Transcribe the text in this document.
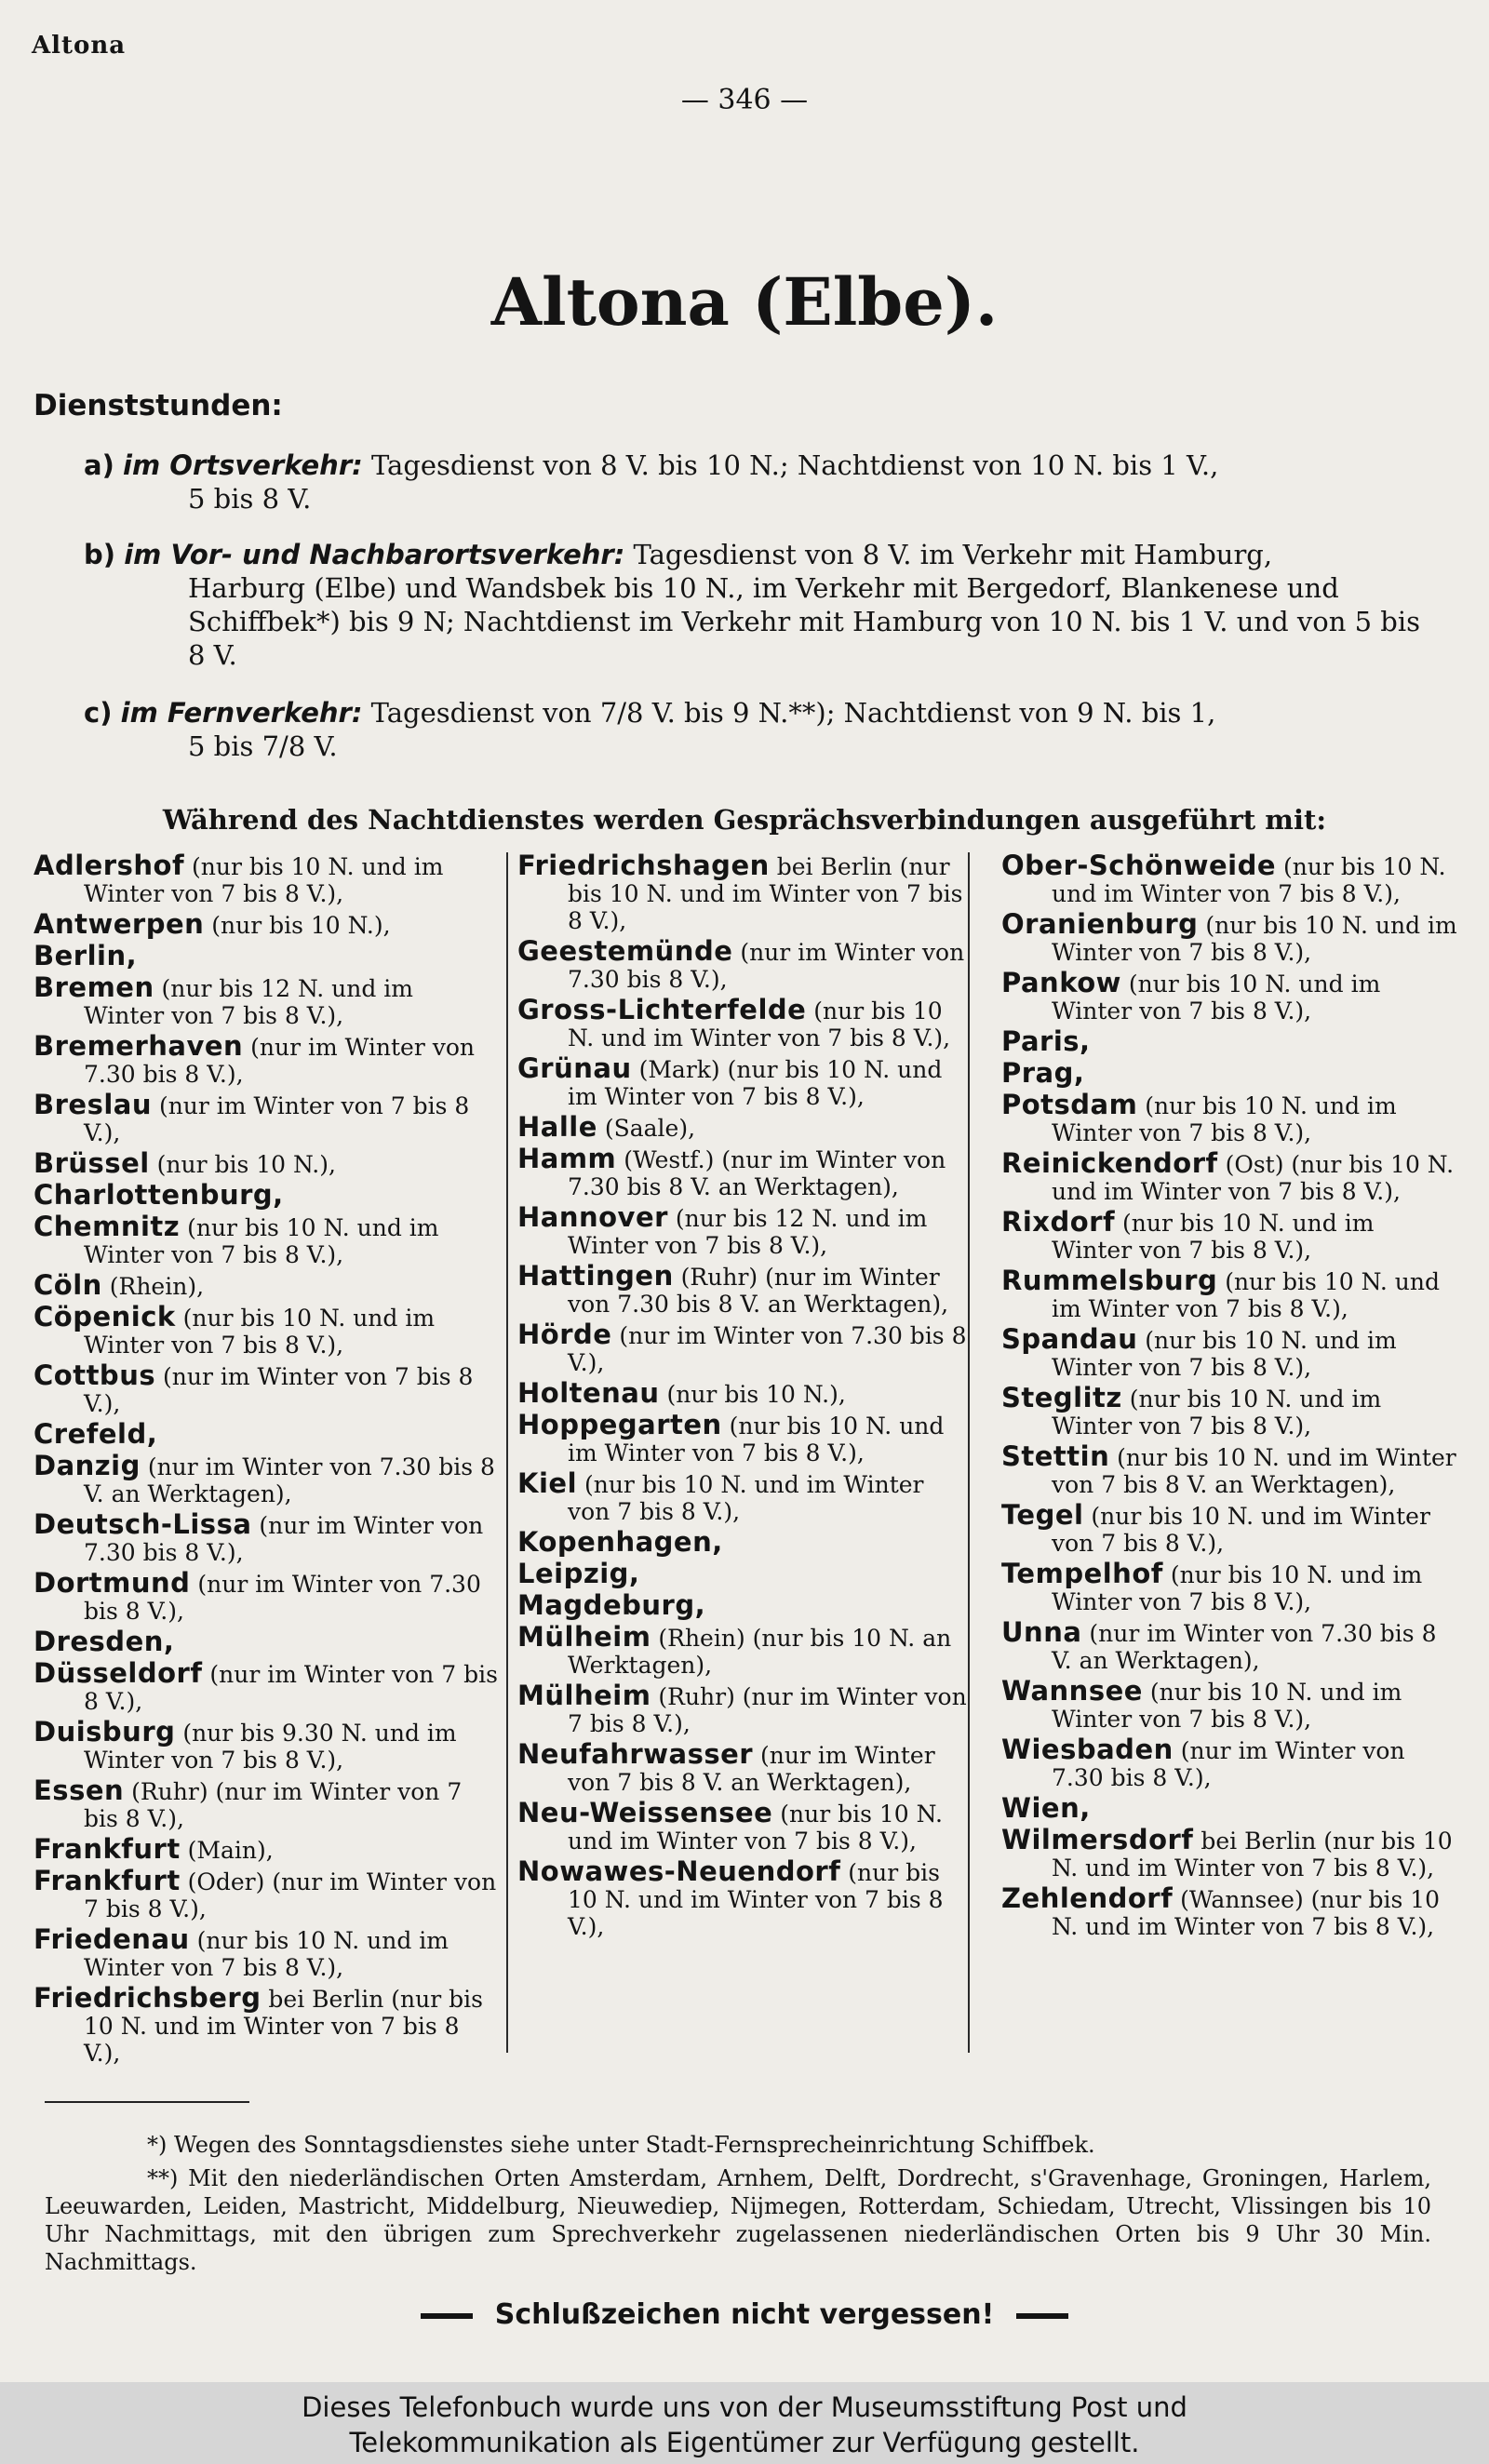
Altona
— 346 —
Altona (Elbe).
Dienststunden:
a) im Ortsverkehr: Tagesdienst von 8 V. bis 10 N.; Nachtdienst von 10 N. bis 1 V.,
5 bis 8 V.
b) im Vor- und Nachbarortsverkehr: Tagesdienst von 8 V. im Verkehr mit Hamburg,
Harburg (Elbe) und Wandsbek bis 10 N., im Verkehr mit Bergedorf, Blankenese und Schiffbek*) bis 9 N; Nachtdienst im Verkehr mit Hamburg von 10 N. bis 1 V. und von 5 bis 8 V.
c) im Fernverkehr: Tagesdienst von 7/8 V. bis 9 N.**); Nachtdienst von 9 N. bis 1,
5 bis 7/8 V.
Während des Nachtdienstes werden Gesprächsverbindungen ausgeführt mit:
Adlershof (nur bis 10 N. und im Winter von 7 bis 8 V.),
Antwerpen (nur bis 10 N.),
Berlin,
Bremen (nur bis 12 N. und im Winter von 7 bis 8 V.),
Bremerhaven (nur im Winter von 7.30 bis 8 V.),
Breslau (nur im Winter von 7 bis 8 V.),
Brüssel (nur bis 10 N.),
Charlottenburg,
Chemnitz (nur bis 10 N. und im Winter von 7 bis 8 V.),
Cöln (Rhein),
Cöpenick (nur bis 10 N. und im Winter von 7 bis 8 V.),
Cottbus (nur im Winter von 7 bis 8 V.),
Crefeld,
Danzig (nur im Winter von 7.30 bis 8 V. an Werktagen),
Deutsch-Lissa (nur im Winter von 7.30 bis 8 V.),
Dortmund (nur im Winter von 7.30 bis 8 V.),
Dresden,
Düsseldorf (nur im Winter von 7 bis 8 V.),
Duisburg (nur bis 9.30 N. und im Winter von 7 bis 8 V.),
Essen (Ruhr) (nur im Winter von 7 bis 8 V.),
Frankfurt (Main),
Frankfurt (Oder) (nur im Winter von 7 bis 8 V.),
Friedenau (nur bis 10 N. und im Winter von 7 bis 8 V.),
Friedrichsberg bei Berlin (nur bis 10 N. und im Winter von 7 bis 8 V.),
Friedrichshagen bei Berlin (nur bis 10 N. und im Winter von 7 bis 8 V.),
Geestemünde (nur im Winter von 7.30 bis 8 V.),
Gross-Lichterfelde (nur bis 10 N. und im Winter von 7 bis 8 V.),
Grünau (Mark) (nur bis 10 N. und im Winter von 7 bis 8 V.),
Halle (Saale),
Hamm (Westf.) (nur im Winter von 7.30 bis 8 V. an Werktagen),
Hannover (nur bis 12 N. und im Winter von 7 bis 8 V.),
Hattingen (Ruhr) (nur im Winter von 7.30 bis 8 V. an Werktagen),
Hörde (nur im Winter von 7.30 bis 8 V.),
Holtenau (nur bis 10 N.),
Hoppegarten (nur bis 10 N. und im Winter von 7 bis 8 V.),
Kiel (nur bis 10 N. und im Winter von 7 bis 8 V.),
Kopenhagen,
Leipzig,
Magdeburg,
Mülheim (Rhein) (nur bis 10 N. an Werktagen),
Mülheim (Ruhr) (nur im Winter von 7 bis 8 V.),
Neufahrwasser (nur im Winter von 7 bis 8 V. an Werktagen),
Neu-Weissensee (nur bis 10 N. und im Winter von 7 bis 8 V.),
Nowawes-Neuendorf (nur bis 10 N. und im Winter von 7 bis 8 V.),
Ober-Schönweide (nur bis 10 N. und im Winter von 7 bis 8 V.),
Oranienburg (nur bis 10 N. und im Winter von 7 bis 8 V.),
Pankow (nur bis 10 N. und im Winter von 7 bis 8 V.),
Paris,
Prag,
Potsdam (nur bis 10 N. und im Winter von 7 bis 8 V.),
Reinickendorf (Ost) (nur bis 10 N. und im Winter von 7 bis 8 V.),
Rixdorf (nur bis 10 N. und im Winter von 7 bis 8 V.),
Rummelsburg (nur bis 10 N. und im Winter von 7 bis 8 V.),
Spandau (nur bis 10 N. und im Winter von 7 bis 8 V.),
Steglitz (nur bis 10 N. und im Winter von 7 bis 8 V.),
Stettin (nur bis 10 N. und im Winter von 7 bis 8 V. an Werktagen),
Tegel (nur bis 10 N. und im Winter von 7 bis 8 V.),
Tempelhof (nur bis 10 N. und im Winter von 7 bis 8 V.),
Unna (nur im Winter von 7.30 bis 8 V. an Werktagen),
Wannsee (nur bis 10 N. und im Winter von 7 bis 8 V.),
Wiesbaden (nur im Winter von 7.30 bis 8 V.),
Wien,
Wilmersdorf bei Berlin (nur bis 10 N. und im Winter von 7 bis 8 V.),
Zehlendorf (Wannsee) (nur bis 10 N. und im Winter von 7 bis 8 V.),
*) Wegen des Sonntagsdienstes siehe unter Stadt-Fernsprecheinrichtung Schiffbek.
**) Mit den niederländischen Orten Amsterdam, Arnhem, Delft, Dordrecht, s'Gravenhage, Groningen, Harlem, Leeuwarden, Leiden, Mastricht, Middelburg, Nieuwediep, Nijmegen, Rotterdam, Schiedam, Utrecht, Vlissingen bis 10 Uhr Nachmittags, mit den übrigen zum Sprechverkehr zugelassenen niederländischen Orten bis 9 Uhr 30 Min. Nachmittags.
Schlußzeichen nicht vergessen!
Dieses Telefonbuch wurde uns von der Museumsstiftung Post und
Telekommunikation als Eigentümer zur Verfügung gestellt.
